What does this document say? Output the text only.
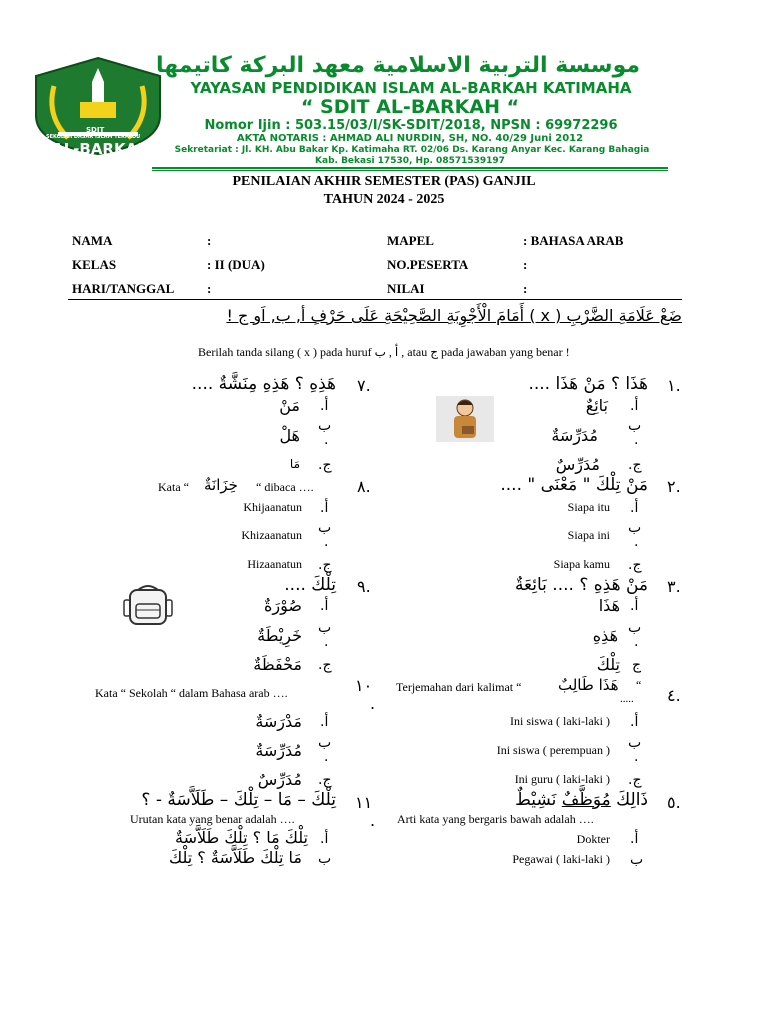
SDIT
SEKOLAH DASAR ISLAM TERPADU
AL-BARKAH
موسسة التربية الاسلامية معهد البركة كاتيمها
YAYASAN PENDIDIKAN ISLAM AL-BARKAH KATIMAHA
“ SDIT AL-BARKAH “
Nomor Ijin : 503.15/03/I/SK-SDIT/2018, NPSN : 69972296
AKTA NOTARIS : AHMAD ALI NURDIN, SH, NO. 40/29 Juni 2012
Sekretariat : Jl. KH. Abu Bakar Kp. Katimaha RT. 02/06 Ds. Karang Anyar Kec. Karang Bahagia
Kab. Bekasi 17530, Hp. 08571539197
PENILAIAN AKHIR SEMESTER (PAS) GANJIL
TAHUN 2024 - 2025
NAMA	:
KELAS	: II (DUA)
HARI/TANGGAL	:
MAPEL	: BAHASA ARAB
NO.PESERTA	:
NILAI	:
ضَعْ عَلَامَةِ الضَّرْبِ ( x ) أَمَامَ الْأَجْوِبَةِ الصَّحِيْحَةِ عَلَى حَرْفِ أ, ب, اَو ج !
Berilah tanda silang ( x ) pada huruf أ , ب , atau ج pada jawaban yang benar !
١.
هَذَا ؟ مَنْ هَذَا ....
.أ
بَائِعٌ
ب
.
مُدَرِّسَةٌ
.ج
مُدَرِّسٌ
٢.
مَنْ تِلْكَ " مَعْنَى " ....
.أ
Siapa itu
ب
.
Siapa ini
.ج
Siapa kamu
٣.
مَنْ هَذِهِ ؟ .... بَائِعَةٌ
.أ
هَذَا
ب
.
هَذِهِ
ج
تِلْكَ
٤.
Terjemahan dari kalimat “ هَذَا طَالِبٌ “
.....
.أ
Ini siswa ( laki-laki )
ب
.
Ini siswa ( perempuan )
.ج
Ini guru ( laki-laki )
٥.
ذَالِكَ مُوَظَّفٌ نَشِيْطٌ
Arti kata yang bergaris bawah adalah ….
.أ
Dokter
ب
Pegawai ( laki-laki )
٧.
هَذِهِ ؟ هَذِهِ مِنَشَّةٌ ....
.أ
مَنْ
ب
.
هَلْ
.ج
مَا
٨.
Kata “ خِزَانَةٌ “ dibaca ….
.أ
Khijaanatun
ب
.
Khizaanatun
.ج
Hizaanatun
٩.
تِلْكَ ....
.أ
صُوْرَةٌ
ب
.
خَرِيْطَةٌ
.ج
مَحْفَظَةٌ
١٠
.
Kata “ Sekolah “ dalam Bahasa arab ….
.أ
مَدْرَسَةٌ
ب
.
مُدَرِّسَةٌ
.ج
مُدَرِّسٌ
١١
.
تِلْكَ – مَا – تِلْكَ – طَلَاَّسَةٌ - ؟
Urutan kata yang benar adalah ….
.أ
تِلْكَ مَا ؟ تِلْكَ طَلَاَّسَةٌ
ب
مَا تِلْكَ طَلَاَّسَةٌ ؟ تِلْكَ
